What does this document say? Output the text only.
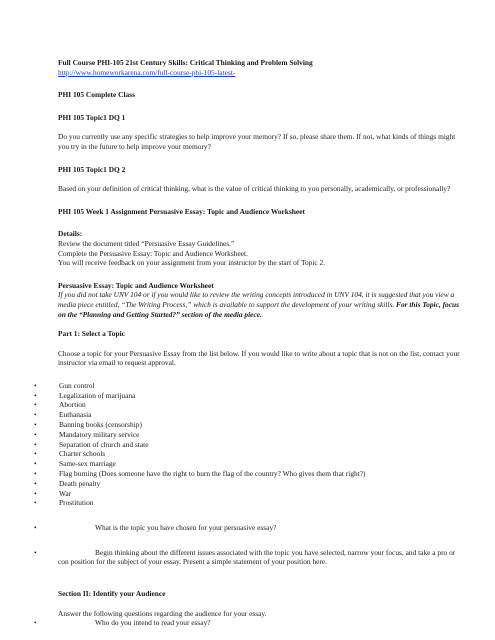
Full Course PHI-105 21st Century Skills: Critical Thinking and Problem Solving

http://www.homeworkarena.com/full-course-phi-105-latest-

PHI 105 Complete Class

PHI 105 Topic1 DQ 1

Do you currently use any specific strategies to help improve your memory? If so, please share them. If not, what kinds of things might you try in the future to help improve your memory?

PHI 105 Topic1 DQ 2

Based on your definition of critical thinking, what is the value of critical thinking to you personally, academically, or professionally?

PHI 105 Week 1 Assignment Persuasive Essay: Topic and Audience Worksheet

Details:

Review the document titled “Persuasive Essay Guidelines.”

Complete the Persuasive Essay: Topic and Audience Worksheet.

You will receive feedback on your assignment from your instructor by the start of Topic 2.

Persuasive Essay: Topic and Audience Worksheet

If you did not take UNV 104 or if you would like to review the writing concepts introduced in UNV 104, it is suggested that you view a media piece entitled, “The Writing Process,” which is available to support the development of your writing skills. For this Topic, focus on the “Planning and Getting Started?” section of the media piece.

Part 1: Select a Topic

Choose a topic for your Persuasive Essay from the list below. If you would like to write about a topic that is not on the list, contact your instructor via email to request approval.

•	Gun control
•	Legalization of marijuana
•	Abortion
•	Euthanasia
•	Banning books (censorship)
•	Mandatory military service
•	Separation of church and state
•	Charter schools
•	Same-sex marriage
•	Flag burning (Does someone have the right to burn the flag of the country? Who gives them that right?)
•	Death penalty
•	War
•	Prostitution
•	What is the topic you have chosen for your persuasive essay?

•	Begin thinking about the different issues associated with the topic you have selected, narrow your focus, and take a pro or con position for the subject of your essay. Present a simple statement of your position here.

Section II: Identify your Audience

Answer the following questions regarding the audience for your essay.

•	Who do you intend to read your essay?
